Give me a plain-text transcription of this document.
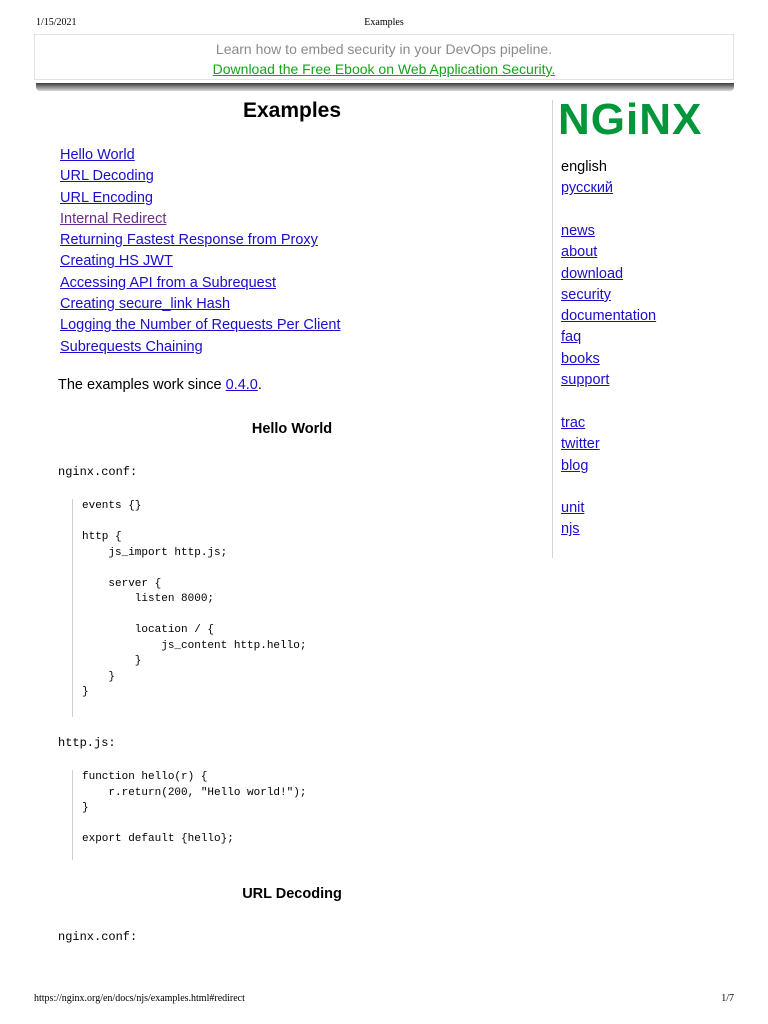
1/15/2021	Examples
Learn how to embed security in your DevOps pipeline.
Download the Free Ebook on Web Application Security.
Examples
Hello World
URL Decoding
URL Encoding
Internal Redirect
Returning Fastest Response from Proxy
Creating HS JWT
Accessing API from a Subrequest
Creating secure_link Hash
Logging the Number of Requests Per Client
Subrequests Chaining
The examples work since 0.4.0.
Hello World
nginx.conf:
events {}

http {
js_import http.js;

server {
listen 8000;

location / {
js_content http.hello;
}
}
}
http.js:
function hello(r) {
r.return(200, "Hello world!");
}

export default {hello};
URL Decoding
nginx.conf:
NGiNX
english
русский
news
about
download
security
documentation
faq
books
support
trac
twitter
blog
unit
njs
https://nginx.org/en/docs/njs/examples.html#redirect	1/7
